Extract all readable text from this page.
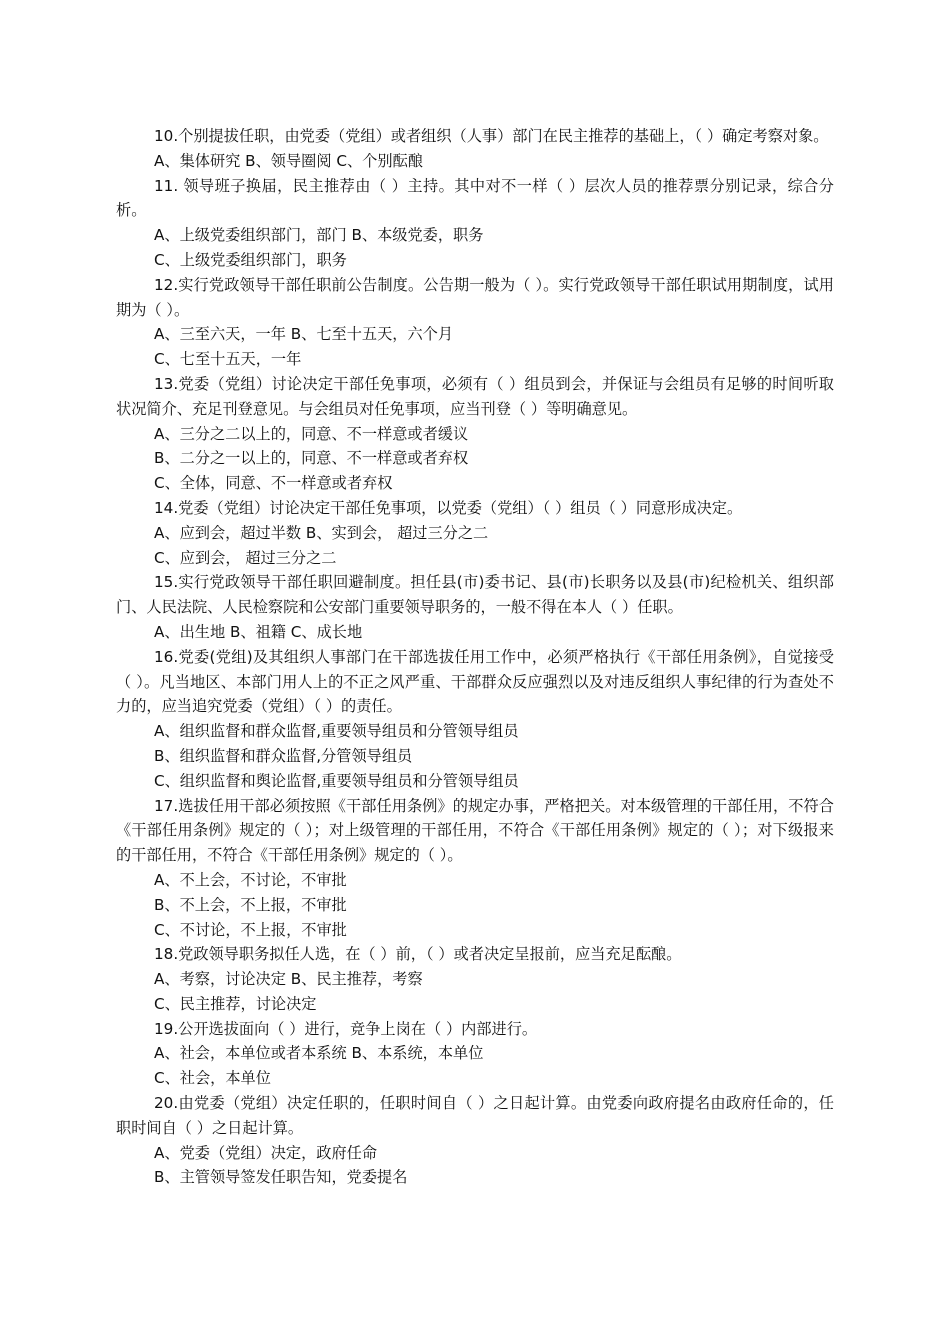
10.个别提拔任职，由党委（党组）或者组织（人事）部门在民主推荐的基础上，（ ）确定考察对象。

A、集体研究 B、领导圈阅 C、个别酝酿

11. 领导班子换届，民主推荐由（ ）主持。其中对不一样（ ）层次人员的推荐票分别记录，综合分析。

A、上级党委组织部门，部门 B、本级党委，职务

C、上级党委组织部门，职务

12.实行党政领导干部任职前公告制度。公告期一般为（ ）。实行党政领导干部任职试用期制度，试用期为（ ）。

A、三至六天，一年 B、七至十五天，六个月

C、七至十五天，一年

13.党委（党组）讨论决定干部任免事项，必须有（ ）组员到会，并保证与会组员有足够的时间听取状况简介、充足刊登意见。与会组员对任免事项，应当刊登（ ）等明确意见。

A、三分之二以上的，同意、不一样意或者缓议

B、二分之一以上的，同意、不一样意或者弃权

C、全体，同意、不一样意或者弃权

14.党委（党组）讨论决定干部任免事项，以党委（党组）（ ）组员（ ）同意形成决定。

A、应到会，超过半数 B、实到会， 超过三分之二

C、应到会， 超过三分之二

15.实行党政领导干部任职回避制度。担任县(市)委书记、县(市)长职务以及县(市)纪检机关、组织部门、人民法院、人民检察院和公安部门重要领导职务的，一般不得在本人（ ）任职。

A、出生地 B、祖籍 C、成长地

16.党委(党组)及其组织人事部门在干部选拔任用工作中，必须严格执行《干部任用条例》，自觉接受（ ）。凡当地区、本部门用人上的不正之风严重、干部群众反应强烈以及对违反组织人事纪律的行为查处不力的，应当追究党委（党组）（ ）的责任。

A、组织监督和群众监督,重要领导组员和分管领导组员

B、组织监督和群众监督,分管领导组员

C、组织监督和舆论监督,重要领导组员和分管领导组员

17.选拔任用干部必须按照《干部任用条例》的规定办事，严格把关。对本级管理的干部任用，不符合《干部任用条例》规定的（ ）；对上级管理的干部任用，不符合《干部任用条例》规定的（ ）；对下级报来的干部任用，不符合《干部任用条例》规定的（ ）。

A、不上会，不讨论，不审批

B、不上会，不上报，不审批

C、不讨论，不上报，不审批

18.党政领导职务拟任人选，在（ ）前，（ ）或者决定呈报前，应当充足酝酿。

A、考察，讨论决定 B、民主推荐，考察

C、民主推荐，讨论决定

19.公开选拔面向（ ）进行，竞争上岗在（ ）内部进行。

A、社会，本单位或者本系统 B、本系统，本单位

C、社会，本单位

20.由党委（党组）决定任职的，任职时间自（ ）之日起计算。由党委向政府提名由政府任命的，任职时间自（ ）之日起计算。

A、党委（党组）决定，政府任命

B、主管领导签发任职告知，党委提名
